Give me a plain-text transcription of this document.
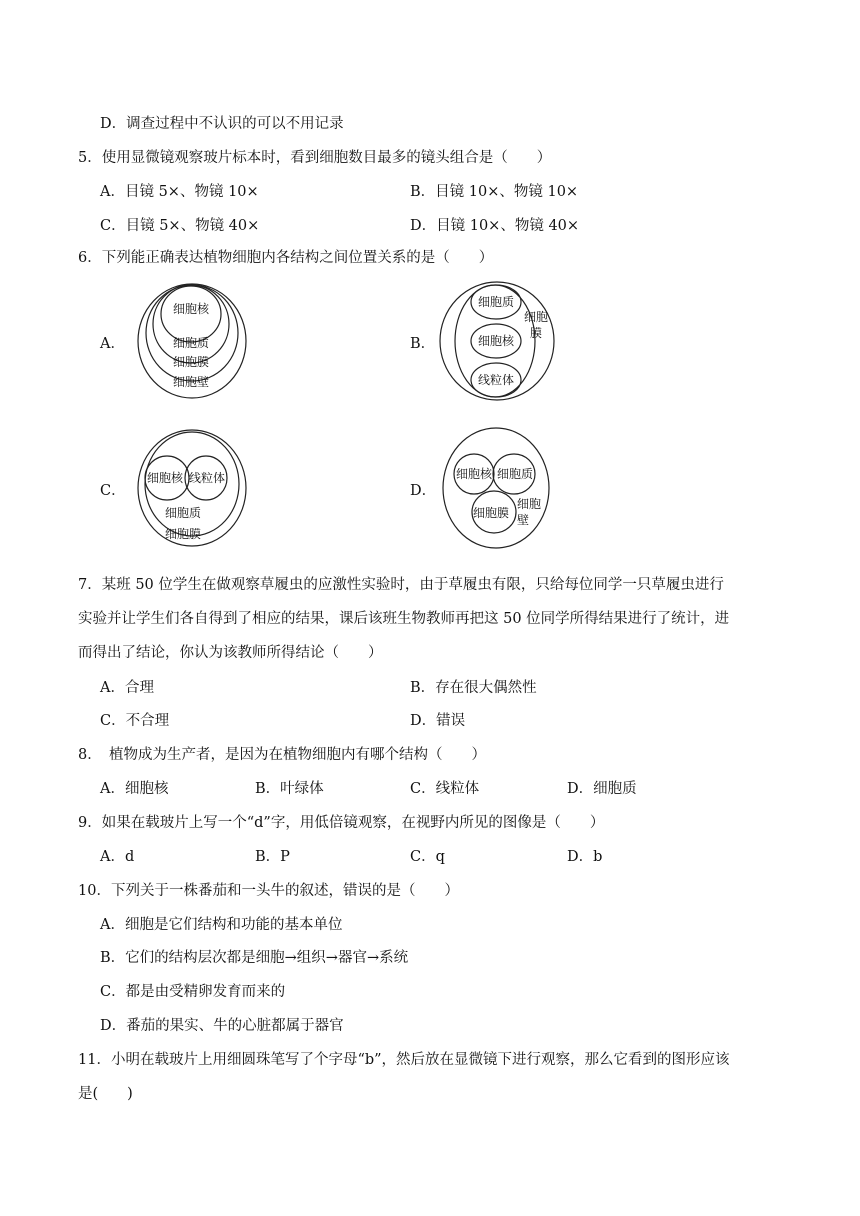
D．调查过程中不认识的可以不用记录
5．使用显微镜观察玻片标本时，看到细胞数目最多的镜头组合是（　　）
A．目镜 5×、物镜 10×	B．目镜 10×、物镜 10×
C．目镜 5×、物镜 40×	D．目镜 10×、物镜 40×
6．下列能正确表达植物细胞内各结构之间位置关系的是（　　）
A．
细胞核
细胞质
细胞膜
细胞壁
B．
细胞质
细胞核
线粒体
细胞
膜
C．
细胞核 线粒体
细胞质
细胞膜
D．
细胞核 细胞质
细胞膜
细胞
壁
7．某班 50 位学生在做观察草履虫的应激性实验时，由于草履虫有限，只给每位同学一只草履虫进行
实验并让学生们各自得到了相应的结果，课后该班生物教师再把这 50 位同学所得结果进行了统计，进
而得出了结论，你认为该教师所得结论（　　）
A．合理	B．存在很大偶然性
C．不合理	D．错误
8．　植物成为生产者，是因为在植物细胞内有哪个结构（　　）
A．细胞核	B．叶绿体	C．线粒体	D．细胞质
9．如果在载玻片上写一个“d”字，用低倍镜观察，在视野内所见的图像是（　　）
A．d	B．P	C．q	D．b
10．下列关于一株番茄和一头牛的叙述，错误的是（　　）
A．细胞是它们结构和功能的基本单位
B．它们的结构层次都是细胞→组织→器官→系统
C．都是由受精卵发育而来的
D．番茄的果实、牛的心脏都属于器官
11．小明在载玻片上用细圆珠笔写了个字母“b”，然后放在显微镜下进行观察，那么它看到的图形应该
是(　　)
